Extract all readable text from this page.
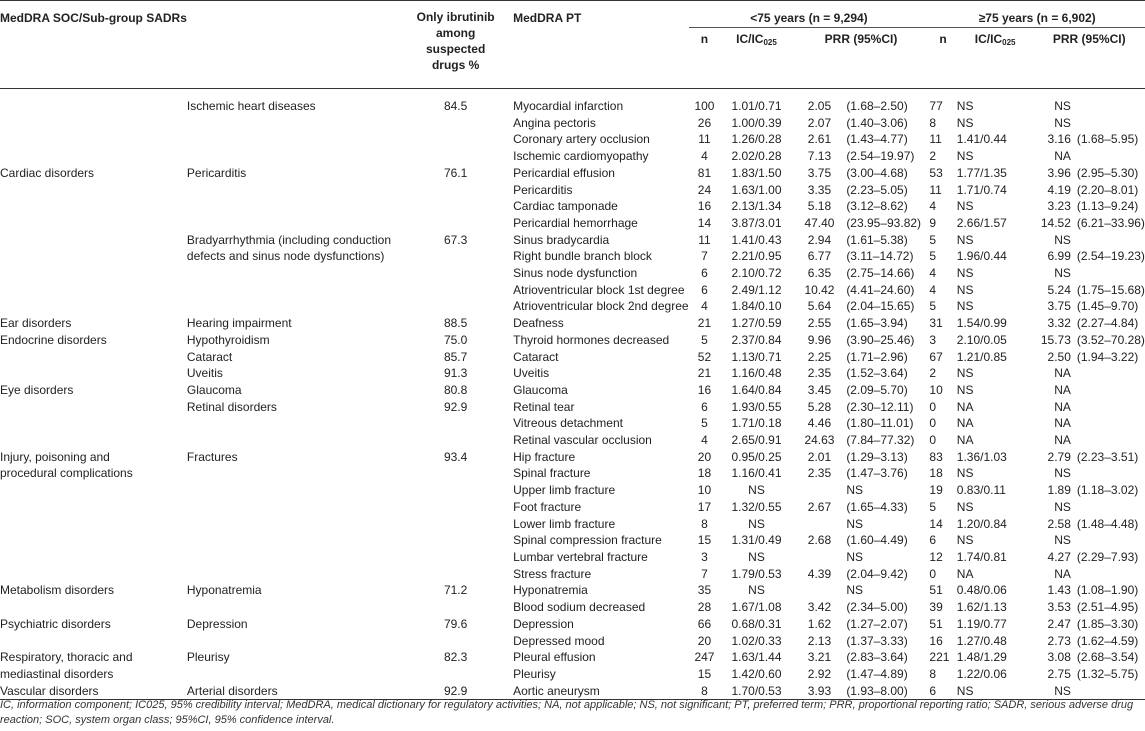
MedDRA SOC/Sub-group SADRs		Only ibrutinib among suspected drugs %	MedDRA PT	<75 years (n = 9,294)				≥75 years (n = 6,902)			
				n	$IC/IC_{025}$	PRR (95%CI)		n	$IC/IC_{025}$	PRR (95%CI)	

	Ischemic heart diseases	84.5	Myocardial infarction	100	1.01/0.71	2.05	(1.68–2.50)	77	NS	NS	
			Angina pectoris	26	1.00/0.39	2.07	(1.40–3.06)	8	NS	NS	
			Coronary artery occlusion	11	1.26/0.28	2.61	(1.43–4.77)	11	1.41/0.44	3.16	(1.68–5.95)
			Ischemic cardiomyopathy	4	2.02/0.28	7.13	(2.54–19.97)	2	NS	NA	
Cardiac disorders	Pericarditis	76.1	Pericardial effusion	81	1.83/1.50	3.75	(3.00–4.68)	53	1.77/1.35	3.96	(2.95–5.30)
			Pericarditis	24	1.63/1.00	3.35	(2.23–5.05)	11	1.71/0.74	4.19	(2.20–8.01)
			Cardiac tamponade	16	2.13/1.34	5.18	(3.12–8.62)	4	NS	3.23	(1.13–9.24)
			Pericardial hemorrhage	14	3.87/3.01	47.40	(23.95–93.82)	9	2.66/1.57	14.52	(6.21–33.96)
	Bradyarrhythmia (including conduction	67.3	Sinus bradycardia	11	1.41/0.43	2.94	(1.61–5.38)	5	NS	NS	
	defects and sinus node dysfunctions)		Right bundle branch block	7	2.21/0.95	6.77	(3.11–14.72)	5	1.96/0.44	6.99	(2.54–19.23)
			Sinus node dysfunction	6	2.10/0.72	6.35	(2.75–14.66)	4	NS	NS	
			Atrioventricular block 1st degree	6	2.49/1.12	10.42	(4.41–24.60)	4	NS	5.24	(1.75–15.68)
			Atrioventricular block 2nd degree	4	1.84/0.10	5.64	(2.04–15.65)	5	NS	3.75	(1.45–9.70)
Ear disorders	Hearing impairment	88.5	Deafness	21	1.27/0.59	2.55	(1.65–3.94)	31	1.54/0.99	3.32	(2.27–4.84)
Endocrine disorders	Hypothyroidism	75.0	Thyroid hormones decreased	5	2.37/0.84	9.96	(3.90–25.46)	3	2.10/0.05	15.73	(3.52–70.28)
	Cataract	85.7	Cataract	52	1.13/0.71	2.25	(1.71–2.96)	67	1.21/0.85	2.50	(1.94–3.22)
	Uveitis	91.3	Uveitis	21	1.16/0.48	2.35	(1.52–3.64)	2	NS	NA	
Eye disorders	Glaucoma	80.8	Glaucoma	16	1.64/0.84	3.45	(2.09–5.70)	10	NS	NA	
	Retinal disorders	92.9	Retinal tear	6	1.93/0.55	5.28	(2.30–12.11)	0	NA	NA	
			Vitreous detachment	5	1.71/0.18	4.46	(1.80–11.01)	0	NA	NA	
			Retinal vascular occlusion	4	2.65/0.91	24.63	(7.84–77.32)	0	NA	NA	
Injury, poisoning and	Fractures	93.4	Hip fracture	20	0.95/0.25	2.01	(1.29–3.13)	83	1.36/1.03	2.79	(2.23–3.51)
procedural complications			Spinal fracture	18	1.16/0.41	2.35	(1.47–3.76)	18	NS	NS	
			Upper limb fracture	10	NS		NS	19	0.83/0.11	1.89	(1.18–3.02)
			Foot fracture	17	1.32/0.55	2.67	(1.65–4.33)	5	NS	NS	
			Lower limb fracture	8	NS		NS	14	1.20/0.84	2.58	(1.48–4.48)
			Spinal compression fracture	15	1.31/0.49	2.68	(1.60–4.49)	6	NS	NS	
			Lumbar vertebral fracture	3	NS		NS	12	1.74/0.81	4.27	(2.29–7.93)
			Stress fracture	7	1.79/0.53	4.39	(2.04–9.42)	0	NA	NA	
Metabolism disorders	Hyponatremia	71.2	Hyponatremia	35	NS		NS	51	0.48/0.06	1.43	(1.08–1.90)
			Blood sodium decreased	28	1.67/1.08	3.42	(2.34–5.00)	39	1.62/1.13	3.53	(2.51–4.95)
Psychiatric disorders	Depression	79.6	Depression	66	0.68/0.31	1.62	(1.27–2.07)	51	1.19/0.77	2.47	(1.85–3.30)
			Depressed mood	20	1.02/0.33	2.13	(1.37–3.33)	16	1.27/0.48	2.73	(1.62–4.59)
Respiratory, thoracic and	Pleurisy	82.3	Pleural effusion	247	1.63/1.44	3.21	(2.83–3.64)	221	1.48/1.29	3.08	(2.68–3.54)
mediastinal disorders			Pleurisy	15	1.42/0.60	2.92	(1.47–4.89)	8	1.22/0.06	2.75	(1.32–5.75)
Vascular disorders	Arterial disorders	92.9	Aortic aneurysm	8	1.70/0.53	3.93	(1.93–8.00)	6	NS	NS	
IC, information component; IC025, 95% credibility interval; MedDRA, medical dictionary for regulatory activities; NA, not applicable; NS, not significant; PT, preferred term; PRR, proportional reporting ratio; SADR, serious adverse drug reaction; SOC, system organ class; 95%CI, 95% confidence interval.
